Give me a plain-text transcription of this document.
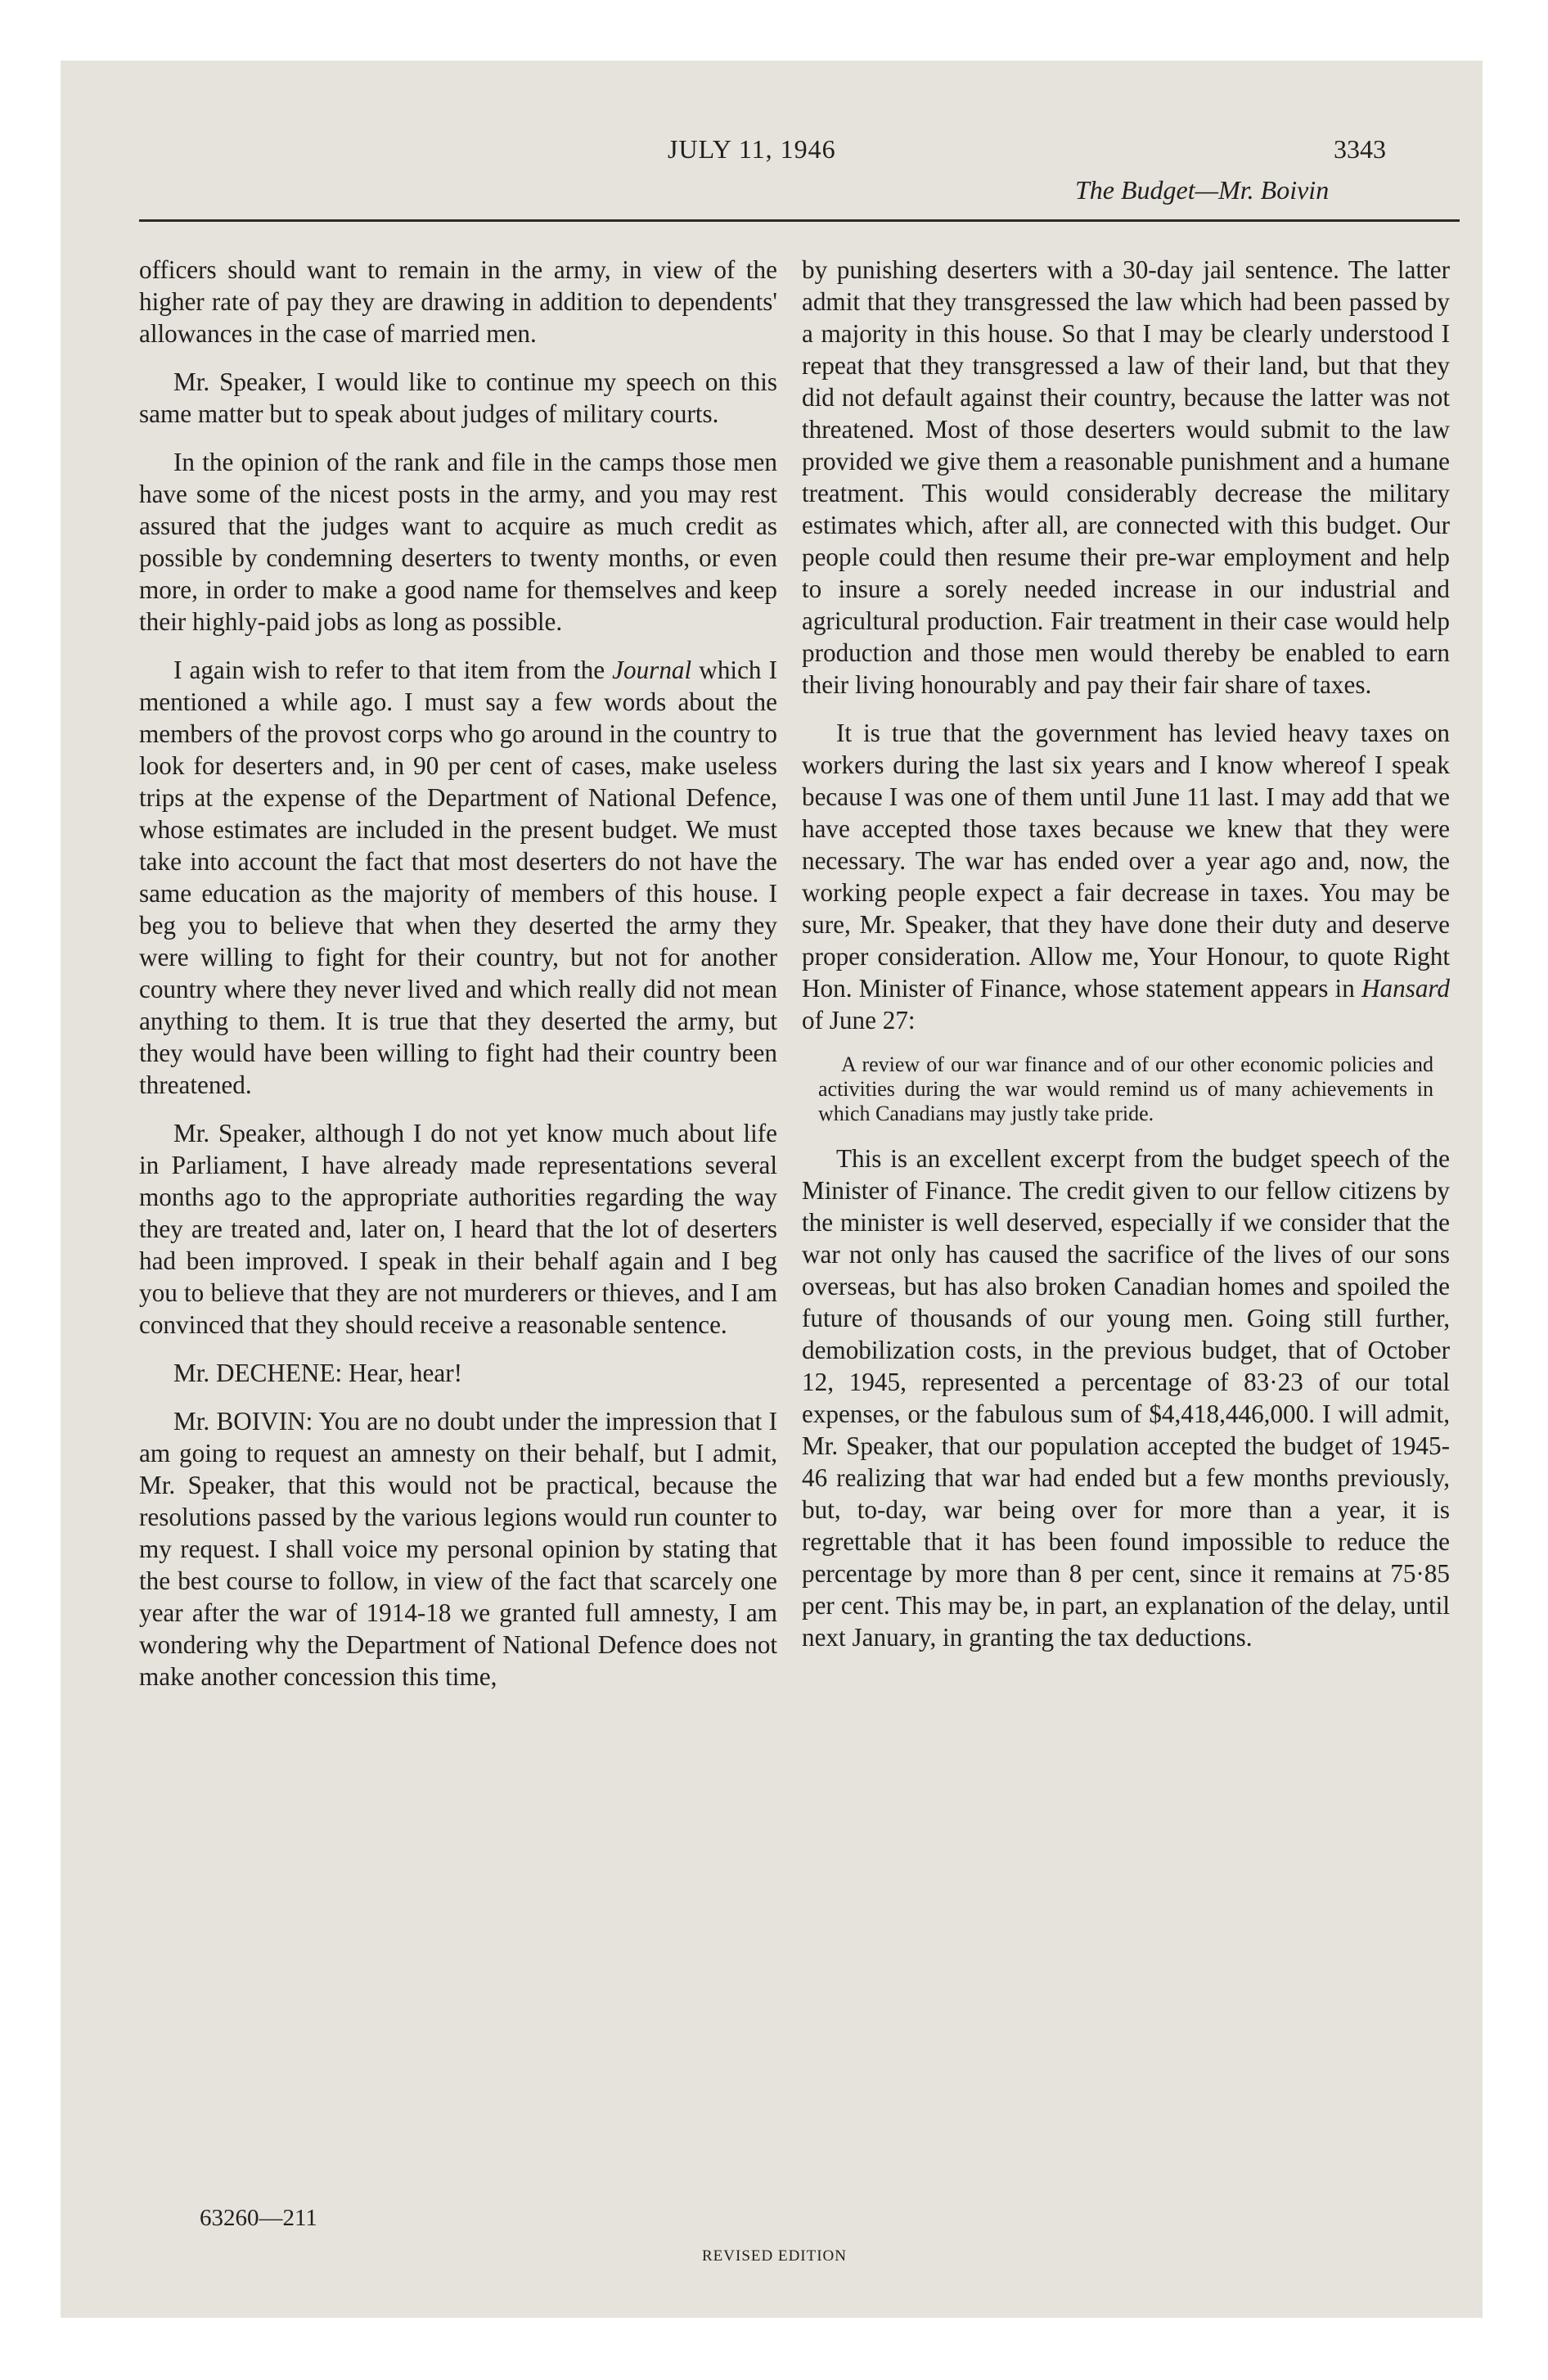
JULY 11, 1946	3343
The Budget—Mr. Boivin

officers should want to remain in the army, in view of the higher rate of pay they are drawing in addition to dependents' allowances in the case of married men.

Mr. Speaker, I would like to continue my speech on this same matter but to speak about judges of military courts.

In the opinion of the rank and file in the camps those men have some of the nicest posts in the army, and you may rest assured that the judges want to acquire as much credit as possible by condemning deserters to twenty months, or even more, in order to make a good name for themselves and keep their highly-paid jobs as long as possible.

I again wish to refer to that item from the Journal which I mentioned a while ago. I must say a few words about the members of the provost corps who go around in the country to look for deserters and, in 90 per cent of cases, make useless trips at the expense of the Department of National Defence, whose estimates are included in the present budget. We must take into account the fact that most deserters do not have the same education as the majority of members of this house. I beg you to believe that when they deserted the army they were willing to fight for their country, but not for another country where they never lived and which really did not mean anything to them. It is true that they deserted the army, but they would have been willing to fight had their country been threatened.

Mr. Speaker, although I do not yet know much about life in Parliament, I have already made representations several months ago to the appropriate authorities regarding the way they are treated and, later on, I heard that the lot of deserters had been improved. I speak in their behalf again and I beg you to believe that they are not murderers or thieves, and I am convinced that they should receive a reasonable sentence.

Mr. DECHENE: Hear, hear!

Mr. BOIVIN: You are no doubt under the impression that I am going to request an amnesty on their behalf, but I admit, Mr. Speaker, that this would not be practical, because the resolutions passed by the various legions would run counter to my request. I shall voice my personal opinion by stating that the best course to follow, in view of the fact that scarcely one year after the war of 1914-18 we granted full amnesty, I am wondering why the Department of National Defence does not make another concession this time,

by punishing deserters with a 30-day jail sentence. The latter admit that they transgressed the law which had been passed by a majority in this house. So that I may be clearly understood I repeat that they transgressed a law of their land, but that they did not default against their country, because the latter was not threatened. Most of those deserters would submit to the law provided we give them a reasonable punishment and a humane treatment. This would considerably decrease the military estimates which, after all, are connected with this budget. Our people could then resume their pre-war employment and help to insure a sorely needed increase in our industrial and agricultural production. Fair treatment in their case would help production and those men would thereby be enabled to earn their living honourably and pay their fair share of taxes.

It is true that the government has levied heavy taxes on workers during the last six years and I know whereof I speak because I was one of them until June 11 last. I may add that we have accepted those taxes because we knew that they were necessary. The war has ended over a year ago and, now, the working people expect a fair decrease in taxes. You may be sure, Mr. Speaker, that they have done their duty and deserve proper consideration. Allow me, Your Honour, to quote Right Hon. Minister of Finance, whose statement appears in Hansard of June 27:

A review of our war finance and of our other economic policies and activities during the war would remind us of many achievements in which Canadians may justly take pride.

This is an excellent excerpt from the budget speech of the Minister of Finance. The credit given to our fellow citizens by the minister is well deserved, especially if we consider that the war not only has caused the sacrifice of the lives of our sons overseas, but has also broken Canadian homes and spoiled the future of thousands of our young men. Going still further, demobilization costs, in the previous budget, that of October 12, 1945, represented a percentage of 83·23 of our total expenses, or the fabulous sum of $4,418,446,000. I will admit, Mr. Speaker, that our population accepted the budget of 1945-46 realizing that war had ended but a few months previously, but, to-day, war being over for more than a year, it is regrettable that it has been found impossible to reduce the percentage by more than 8 per cent, since it remains at 75·85 per cent. This may be, in part, an explanation of the delay, until next January, in granting the tax deductions.

63260—211
REVISED EDITION
